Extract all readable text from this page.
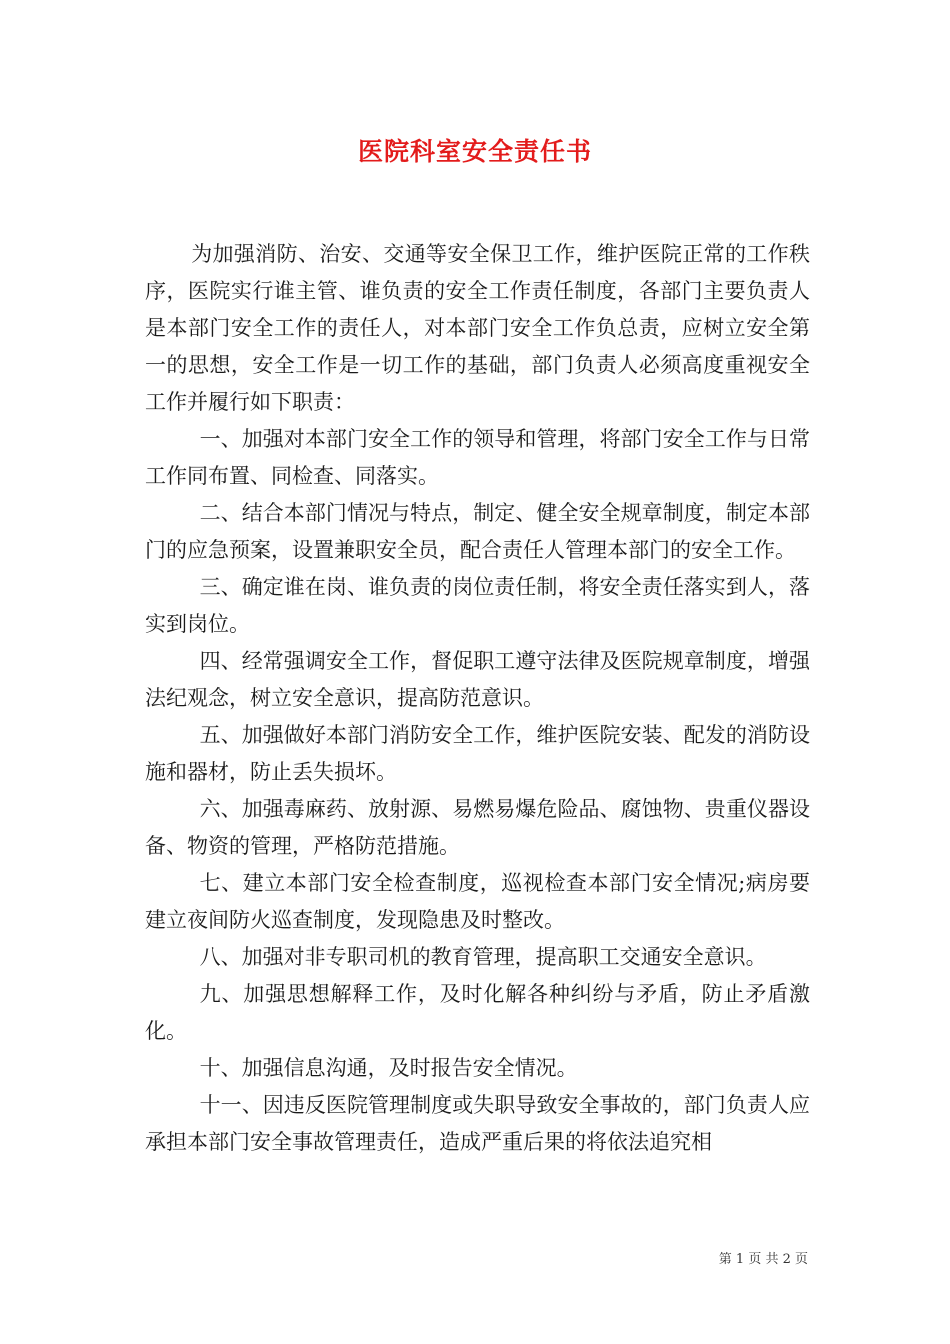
医院科室安全责任书

为加强消防、治安、交通等安全保卫工作，维护医院正常的工作秩序，医院实行谁主管、谁负责的安全工作责任制度，各部门主要负责人是本部门安全工作的责任人，对本部门安全工作负总责，应树立安全第一的思想，安全工作是一切工作的基础，部门负责人必须高度重视安全工作并履行如下职责：

一、加强对本部门安全工作的领导和管理，将部门安全工作与日常工作同布置、同检查、同落实。

二、结合本部门情况与特点，制定、健全安全规章制度，制定本部门的应急预案，设置兼职安全员，配合责任人管理本部门的安全工作。

三、确定谁在岗、谁负责的岗位责任制，将安全责任落实到人，落实到岗位。

四、经常强调安全工作，督促职工遵守法律及医院规章制度，增强法纪观念，树立安全意识，提高防范意识。

五、加强做好本部门消防安全工作，维护医院安装、配发的消防设施和器材，防止丢失损坏。

六、加强毒麻药、放射源、易燃易爆危险品、腐蚀物、贵重仪器设备、物资的管理，严格防范措施。

七、建立本部门安全检查制度，巡视检查本部门安全情况;病房要建立夜间防火巡查制度，发现隐患及时整改。

八、加强对非专职司机的教育管理，提高职工交通安全意识。

九、加强思想解释工作，及时化解各种纠纷与矛盾，防止矛盾激化。

十、加强信息沟通，及时报告安全情况。

十一、因违反医院管理制度或失职导致安全事故的，部门负责人应承担本部门安全事故管理责任，造成严重后果的将依法追究相

第 1 页 共 2 页
